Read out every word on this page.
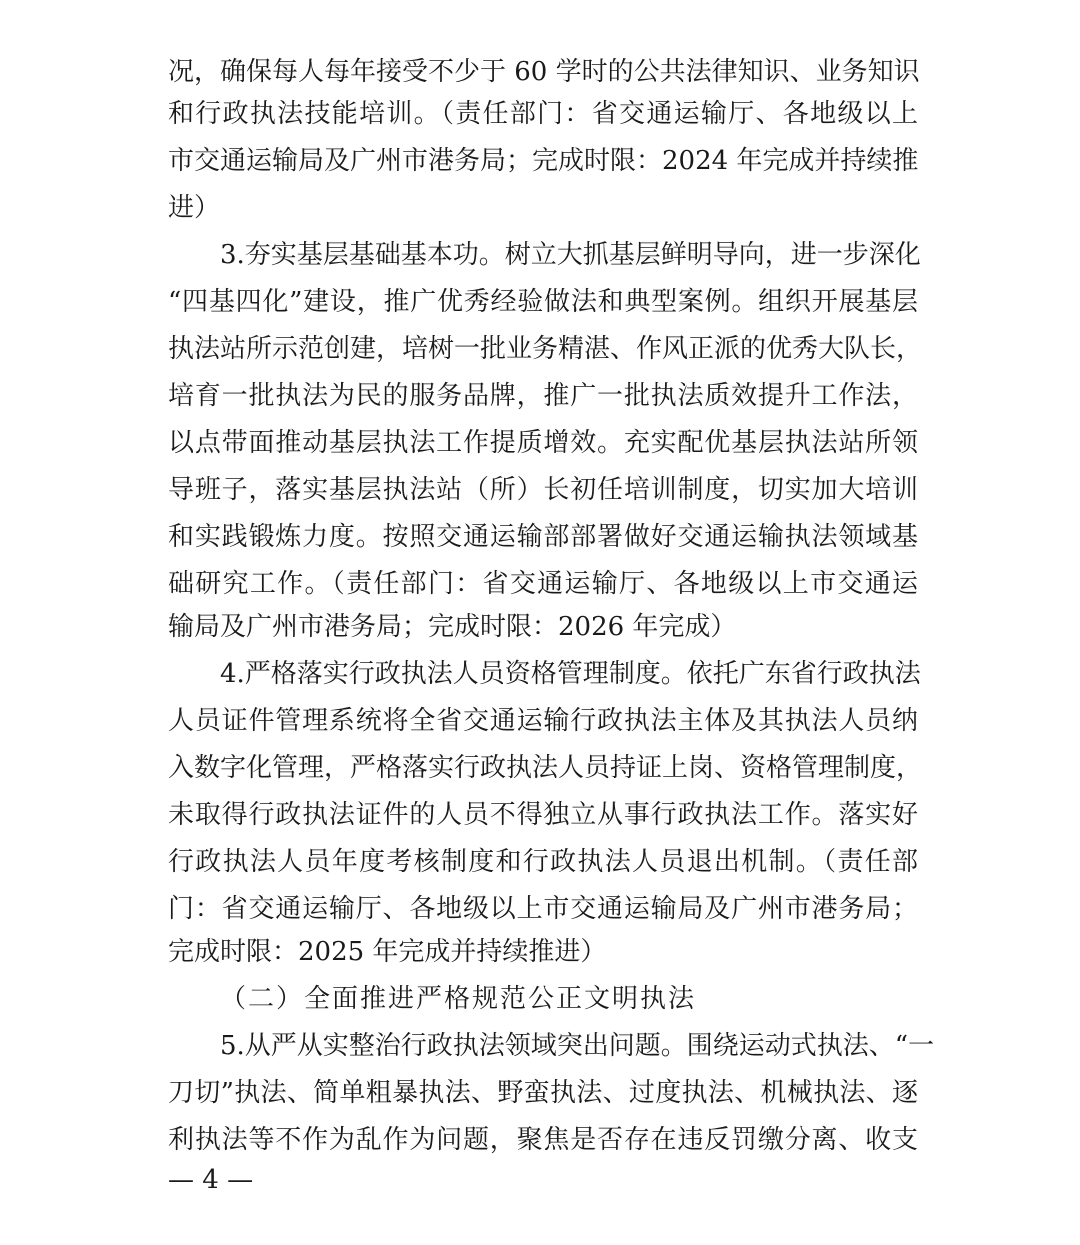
况，确保每人每年接受不少于 60 学时的公共法律知识、业务知识
和行政执法技能培训。（责任部门：省交通运输厅、各地级以上
市交通运输局及广州市港务局；完成时限：2024 年完成并持续推
进）
3.夯实基层基础基本功。树立大抓基层鲜明导向，进一步深化
“四基四化”建设，推广优秀经验做法和典型案例。组织开展基层
执法站所示范创建，培树一批业务精湛、作风正派的优秀大队长，
培育一批执法为民的服务品牌，推广一批执法质效提升工作法，
以点带面推动基层执法工作提质增效。充实配优基层执法站所领
导班子，落实基层执法站（所）长初任培训制度，切实加大培训
和实践锻炼力度。按照交通运输部部署做好交通运输执法领域基
础研究工作。（责任部门：省交通运输厅、各地级以上市交通运
输局及广州市港务局；完成时限：2026 年完成）
4.严格落实行政执法人员资格管理制度。依托广东省行政执法
人员证件管理系统将全省交通运输行政执法主体及其执法人员纳
入数字化管理，严格落实行政执法人员持证上岗、资格管理制度，
未取得行政执法证件的人员不得独立从事行政执法工作。落实好
行政执法人员年度考核制度和行政执法人员退出机制。（责任部
门：省交通运输厅、各地级以上市交通运输局及广州市港务局；
完成时限：2025 年完成并持续推进）
（二）全面推进严格规范公正文明执法
5.从严从实整治行政执法领域突出问题。围绕运动式执法、“一
刀切”执法、简单粗暴执法、野蛮执法、过度执法、机械执法、逐
利执法等不作为乱作为问题，聚焦是否存在违反罚缴分离、收支
— 4 —
